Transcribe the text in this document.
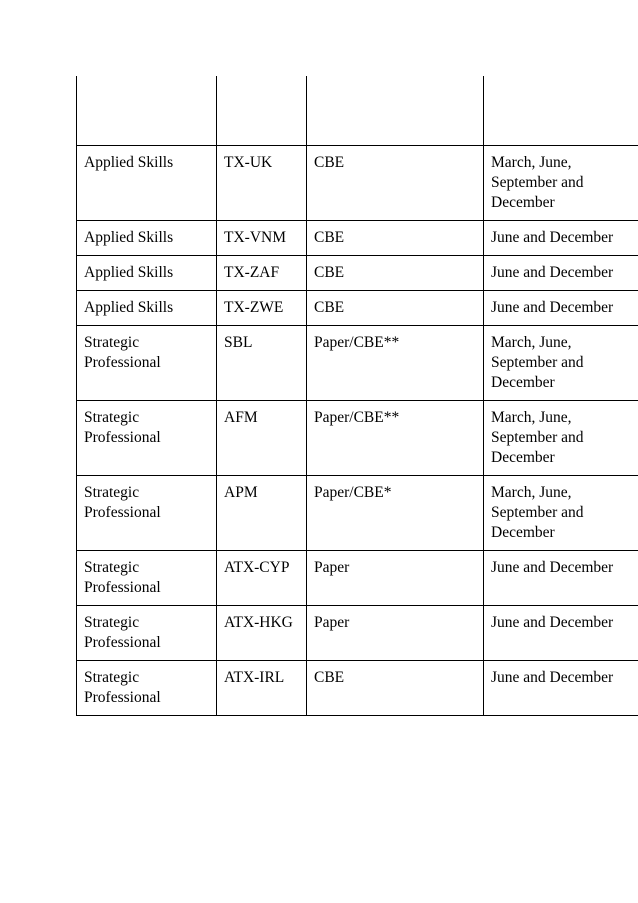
Applied Skills	TX-UK	CBE	March, June, September and December
Applied Skills	TX-VNM	CBE	June and December
Applied Skills	TX-ZAF	CBE	June and December
Applied Skills	TX-ZWE	CBE	June and December
Strategic Professional	SBL	Paper/CBE**	March, June, September and December
Strategic Professional	AFM	Paper/CBE**	March, June, September and December
Strategic Professional	APM	Paper/CBE*	March, June, September and December
Strategic Professional	ATX-CYP	Paper	June and December
Strategic Professional	ATX-HKG	Paper	June and December
Strategic Professional	ATX-IRL	CBE	June and December
